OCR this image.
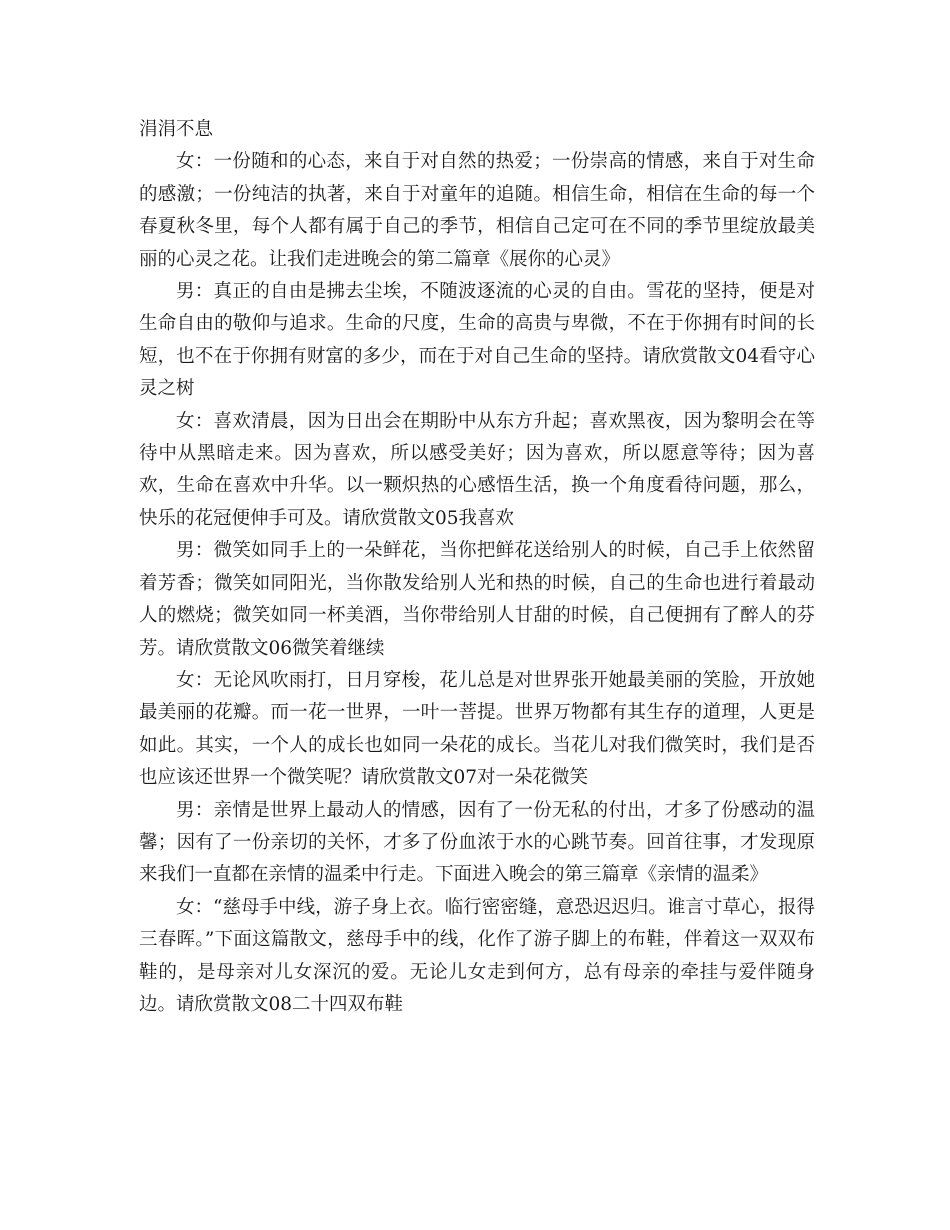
涓涓不息

女：一份随和的心态，来自于对自然的热爱；一份崇高的情感，来自于对生命的感激；一份纯洁的执著，来自于对童年的追随。相信生命，相信在生命的每一个春夏秋冬里，每个人都有属于自己的季节，相信自己定可在不同的季节里绽放最美丽的心灵之花。让我们走进晚会的第二篇章《展你的心灵》

男：真正的自由是拂去尘埃，不随波逐流的心灵的自由。雪花的坚持，便是对生命自由的敬仰与追求。生命的尺度，生命的高贵与卑微，不在于你拥有时间的长短，也不在于你拥有财富的多少，而在于对自己生命的坚持。请欣赏散文04看守心灵之树

女：喜欢清晨，因为日出会在期盼中从东方升起；喜欢黑夜，因为黎明会在等待中从黑暗走来。因为喜欢，所以感受美好；因为喜欢，所以愿意等待；因为喜欢，生命在喜欢中升华。以一颗炽热的心感悟生活，换一个角度看待问题，那么，快乐的花冠便伸手可及。请欣赏散文05我喜欢

男：微笑如同手上的一朵鲜花，当你把鲜花送给别人的时候，自己手上依然留着芳香；微笑如同阳光，当你散发给别人光和热的时候，自己的生命也进行着最动人的燃烧；微笑如同一杯美酒，当你带给别人甘甜的时候，自己便拥有了醉人的芬芳。请欣赏散文06微笑着继续

女：无论风吹雨打，日月穿梭，花儿总是对世界张开她最美丽的笑脸，开放她最美丽的花瓣。而一花一世界，一叶一菩提。世界万物都有其生存的道理，人更是如此。其实，一个人的成长也如同一朵花的成长。当花儿对我们微笑时，我们是否也应该还世界一个微笑呢？请欣赏散文07对一朵花微笑

男：亲情是世界上最动人的情感，因有了一份无私的付出，才多了份感动的温馨；因有了一份亲切的关怀，才多了份血浓于水的心跳节奏。回首往事，才发现原来我们一直都在亲情的温柔中行走。下面进入晚会的第三篇章《亲情的温柔》

女：“慈母手中线，游子身上衣。临行密密缝，意恐迟迟归。谁言寸草心，报得三春晖。”下面这篇散文，慈母手中的线，化作了游子脚上的布鞋，伴着这一双双布鞋的，是母亲对儿女深沉的爱。无论儿女走到何方，总有母亲的牵挂与爱伴随身边。请欣赏散文08二十四双布鞋
